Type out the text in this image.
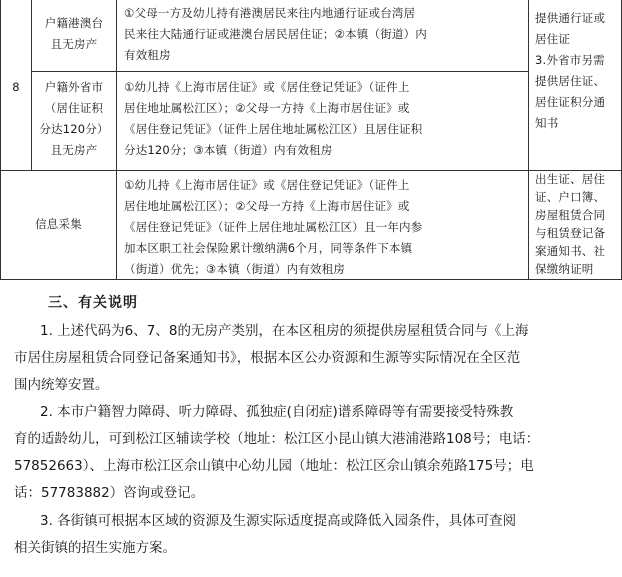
8
户籍港澳台
且无房产
①父母一方及幼儿持有港澳居民来往内地通行证或台湾居
民来往大陆通行证或港澳台居民居住证；②本镇（街道）内
有效租房
户籍外省市
（居住证积
分达120分）
且无房产
①幼儿持《上海市居住证》或《居住登记凭证》（证件上
居住地址属松江区）；②父母一方持《上海市居住证》或
《居住登记凭证》（证件上居住地址属松江区）且居住证积
分达120分；③本镇（街道）内有效租房
提供通行证或
居住证
3.外省市另需
提供居住证、
居住证积分通
知书
信息采集
①幼儿持《上海市居住证》或《居住登记凭证》（证件上
居住地址属松江区）；②父母一方持《上海市居住证》或
《居住登记凭证》（证件上居住地址属松江区）且一年内参
加本区职工社会保险累计缴纳满6个月，同等条件下本镇
（街道）优先；③本镇（街道）内有效租房
出生证、居住
证、户口簿、
房屋租赁合同
与租赁登记备
案通知书、社
保缴纳证明
三、有关说明
1. 上述代码为6、7、8的无房产类别，在本区租房的须提供房屋租赁合同与《上海
市居住房屋租赁合同登记备案通知书》，根据本区公办资源和生源等实际情况在全区范
围内统筹安置。
2. 本市户籍智力障碍、听力障碍、孤独症(自闭症)谱系障碍等有需要接受特殊教
育的适龄幼儿，可到松江区辅读学校（地址：松江区小昆山镇大港浦港路108号；电话：
57852663）、上海市松江区佘山镇中心幼儿园（地址：松江区佘山镇余苑路175号；电
话：57783882）咨询或登记。
3. 各街镇可根据本区域的资源及生源实际适度提高或降低入园条件，具体可查阅
相关街镇的招生实施方案。
